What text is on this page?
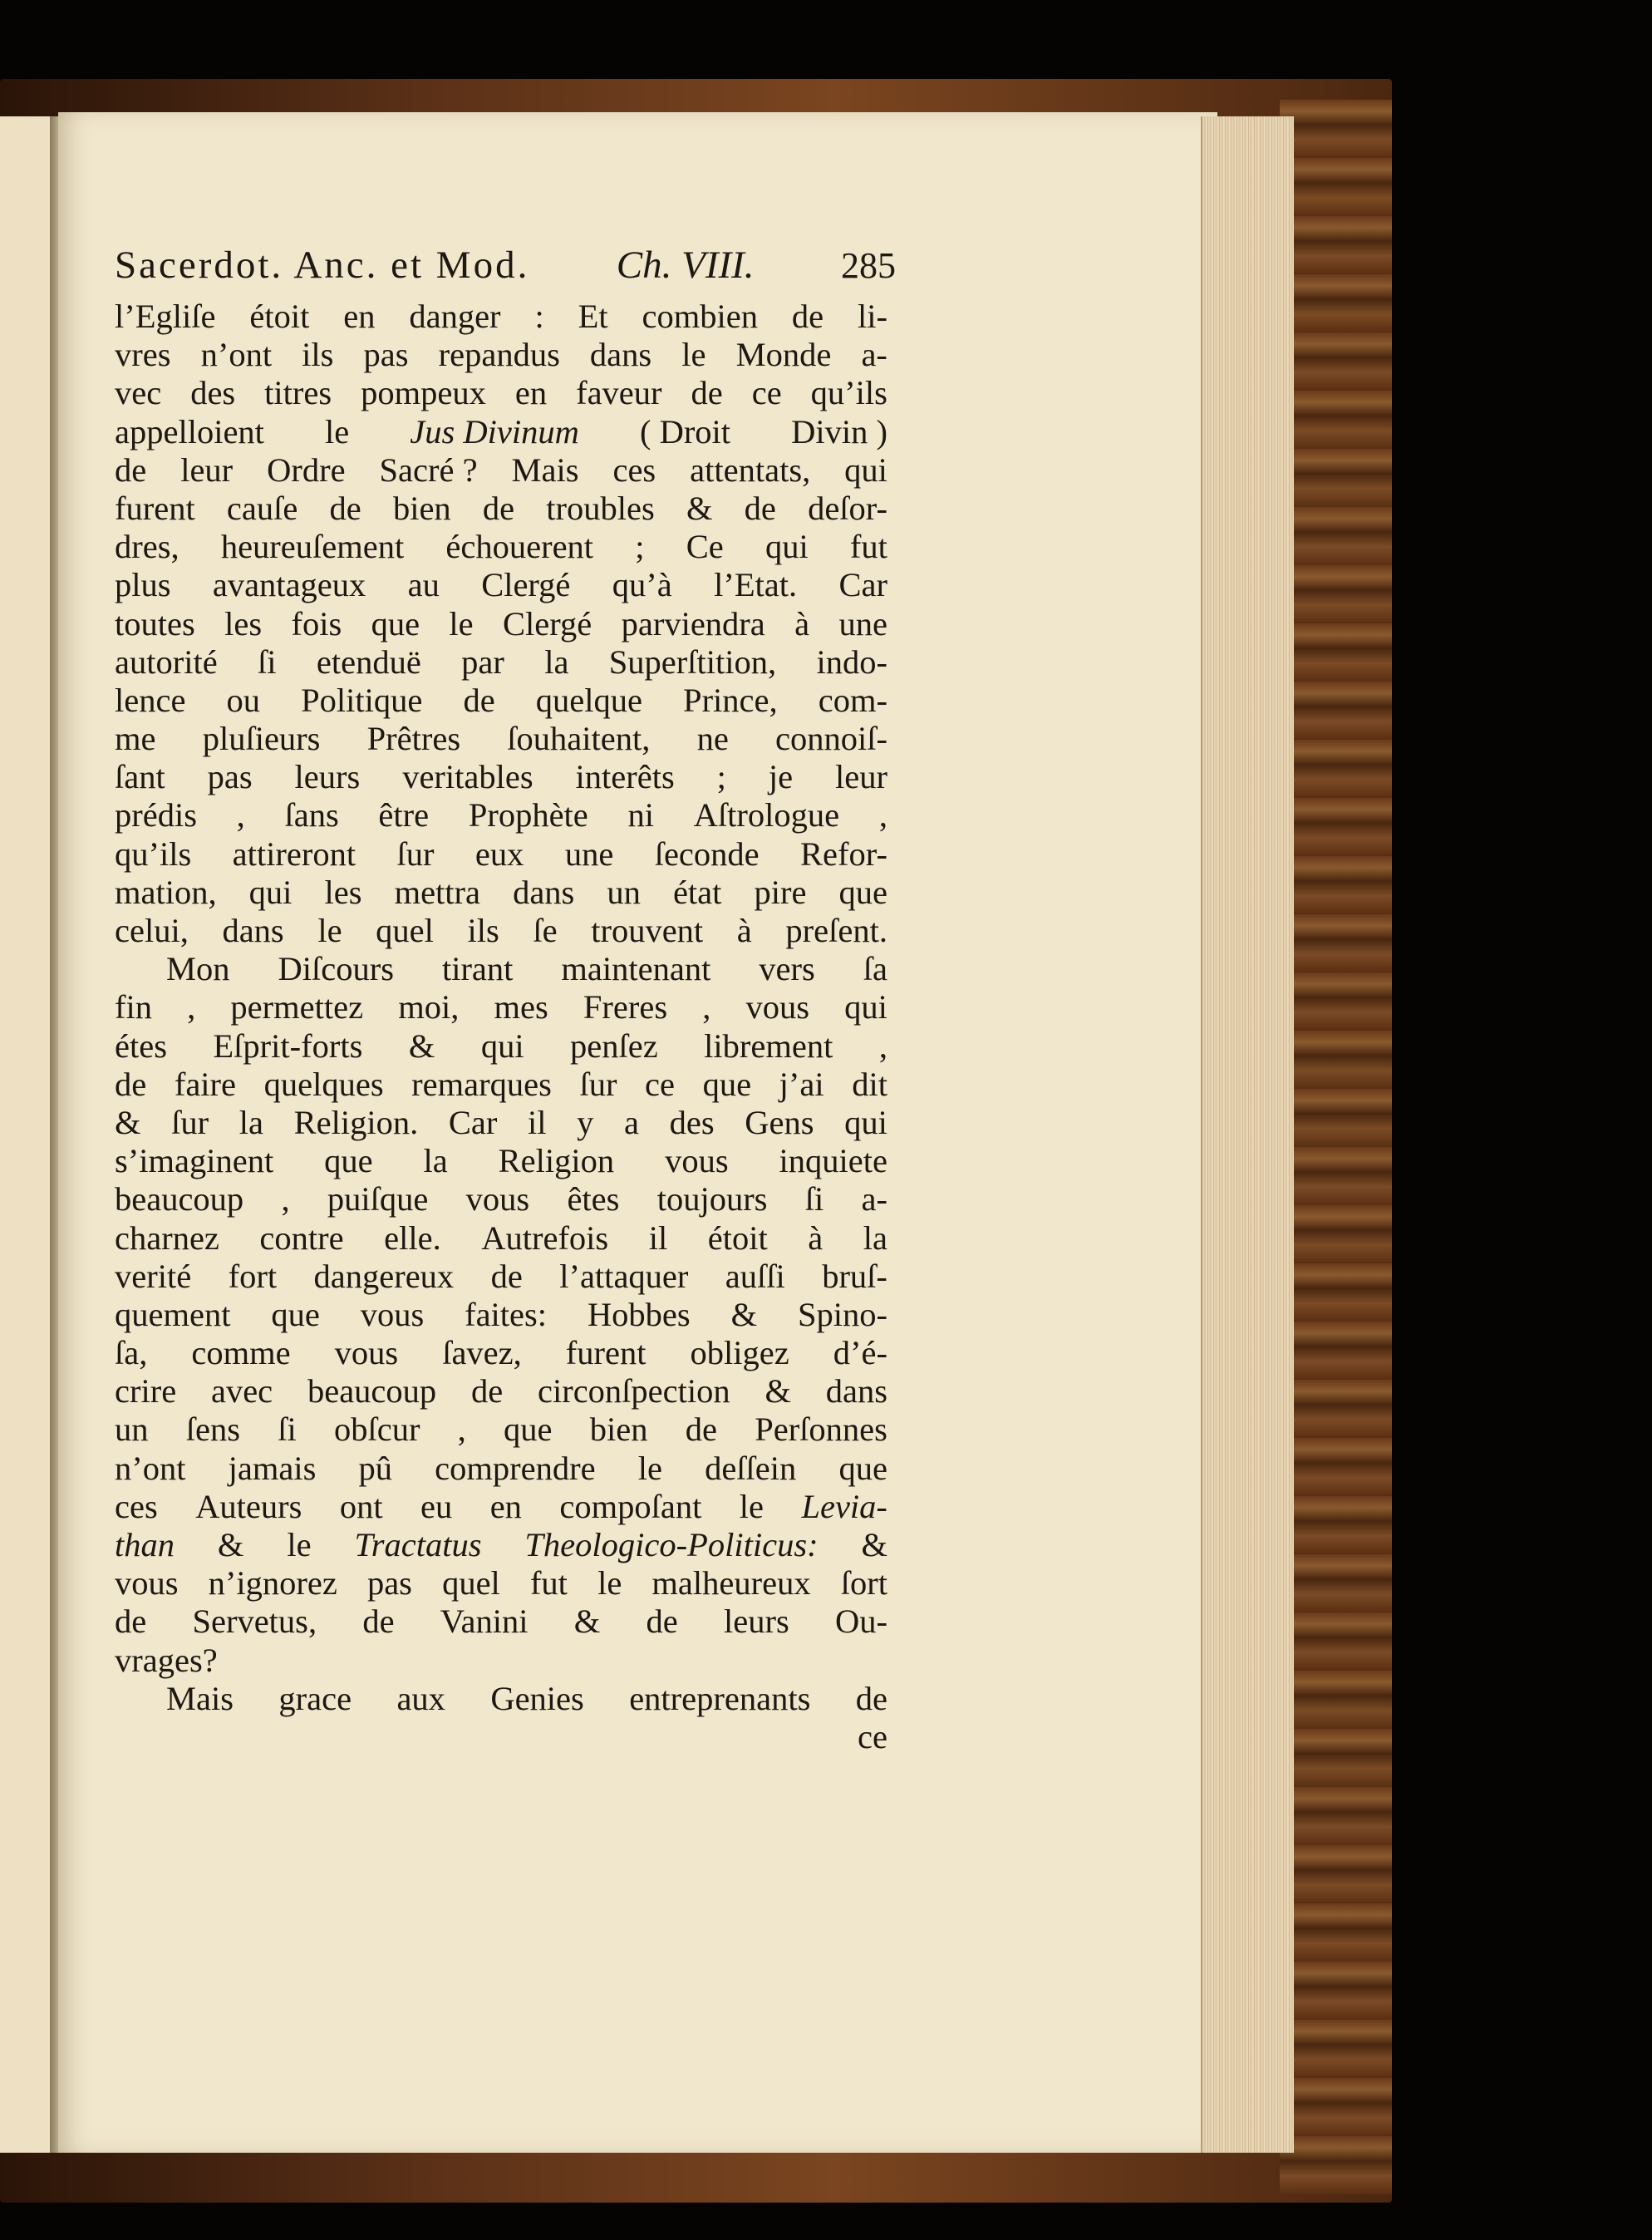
Sacerdot. Anc. et Mod. Ch. VIII. 285
l’Egliſe étoit en danger : Et combien de li-
vres n’ont ils pas repandus dans le Monde a-
vec des titres pompeux en faveur de ce qu’ils
appelloient le Jus Divinum ( Droit Divin )
de leur Ordre Sacré ? Mais ces attentats, qui
furent cauſe de bien de troubles & de deſor-
dres, heureuſement échouerent ; Ce qui fut
plus avantageux au Clergé qu’à l’Etat. Car
toutes les fois que le Clergé parviendra à une
autorité ſi etenduë par la Superſtition, indo-
lence ou Politique de quelque Prince, com-
me pluſieurs Prêtres ſouhaitent, ne connoiſ-
ſant pas leurs veritables interêts ; je leur
prédis , ſans être Prophète ni Aſtrologue ,
qu’ils attireront ſur eux une ſeconde Refor-
mation, qui les mettra dans un état pire que
celui, dans le quel ils ſe trouvent à preſent.
Mon Diſcours tirant maintenant vers ſa
fin , permettez moi, mes Freres , vous qui
étes Eſprit-forts & qui penſez librement ,
de faire quelques remarques ſur ce que j’ai dit
& ſur la Religion. Car il y a des Gens qui
s’imaginent que la Religion vous inquiete
beaucoup , puiſque vous êtes toujours ſi a-
charnez contre elle. Autrefois il étoit à la
verité fort dangereux de l’attaquer auſſi bruſ-
quement que vous faites: Hobbes & Spino-
ſa, comme vous ſavez, furent obligez d’é-
crire avec beaucoup de circonſpection & dans
un ſens ſi obſcur , que bien de Perſonnes
n’ont jamais pû comprendre le deſſein que
ces Auteurs ont eu en compoſant le Levia-
than & le Tractatus Theologico-Politicus: &
vous n’ignorez pas quel fut le malheureux ſort
de Servetus, de Vanini & de leurs Ou-
vrages?
Mais grace aux Genies entreprenants de
ce
